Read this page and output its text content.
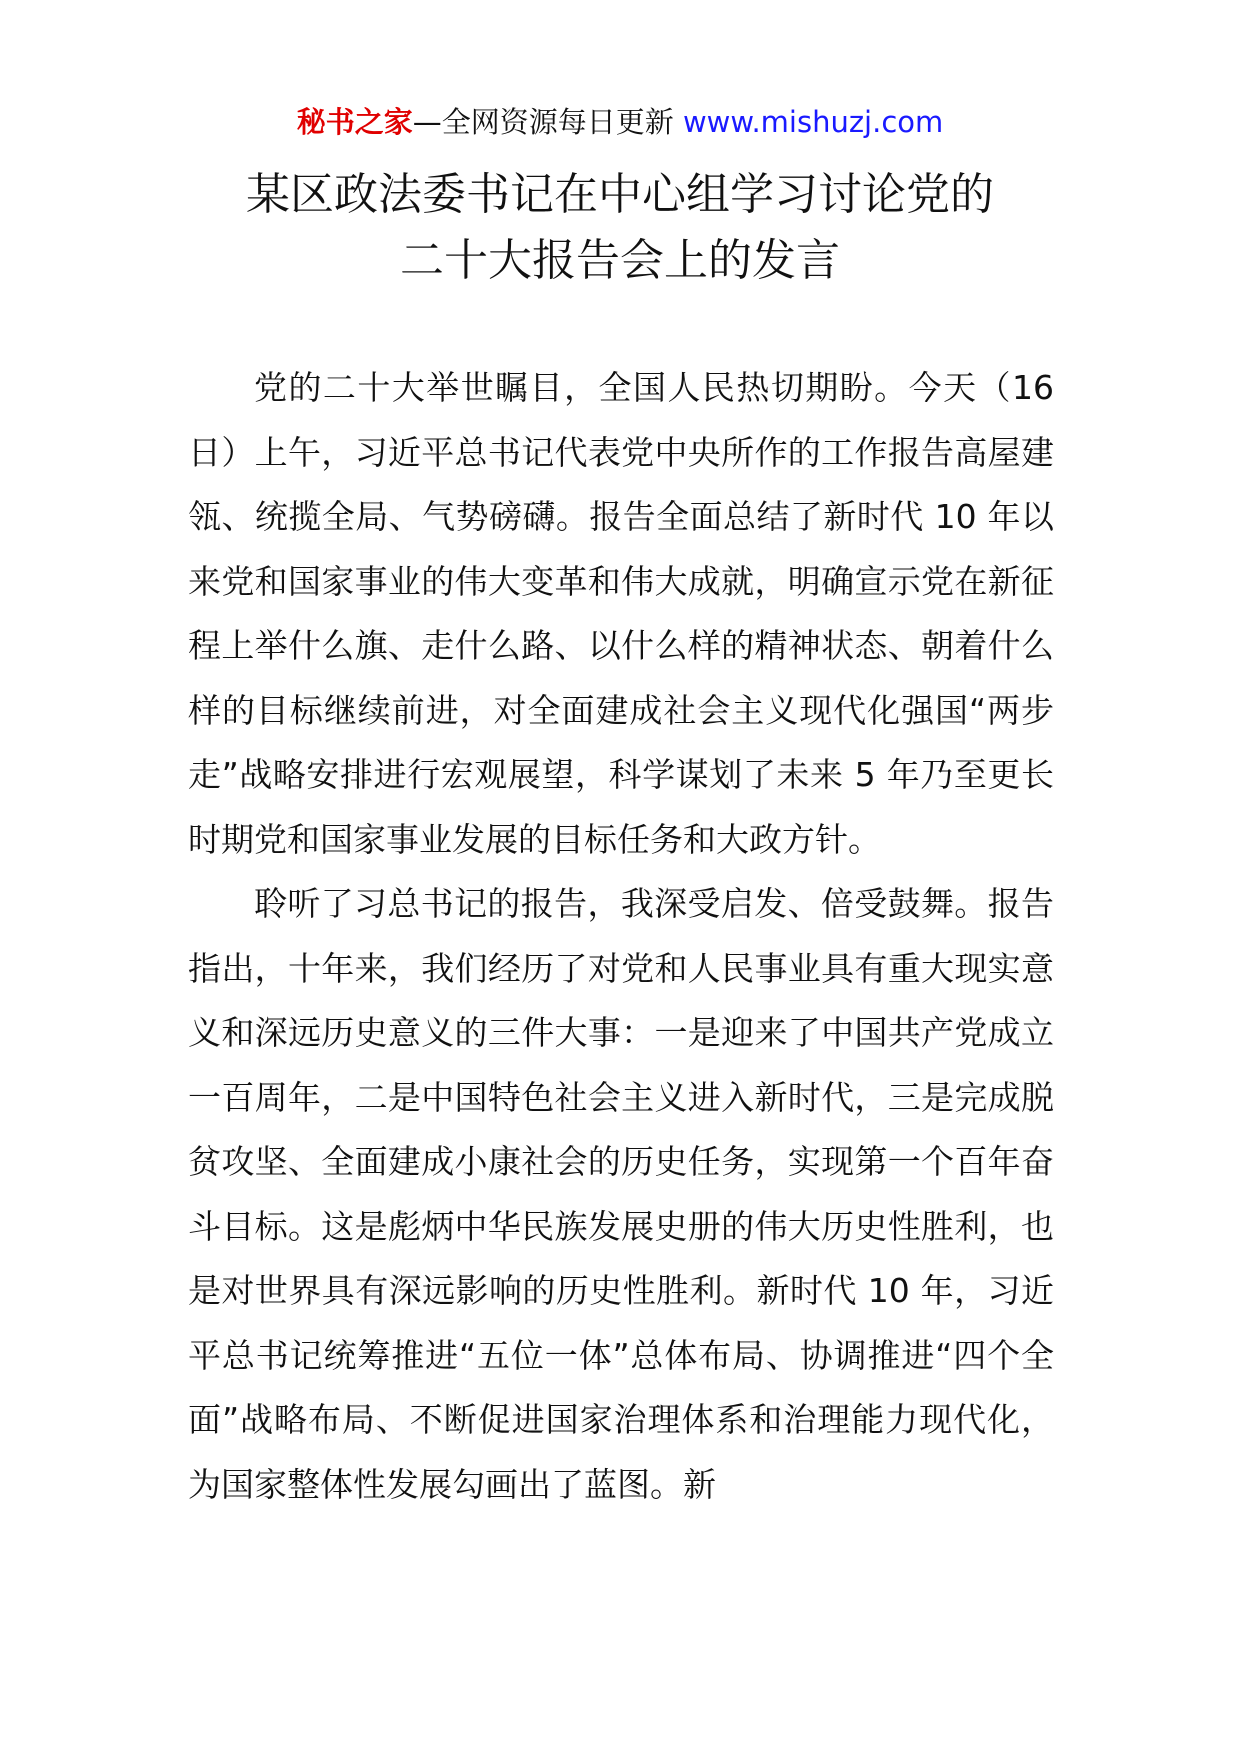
秘书之家—全网资源每日更新 www.mishuzj.com
某区政法委书记在中心组学习讨论党的
二十大报告会上的发言

党的二十大举世瞩目，全国人民热切期盼。今天（16日）上午，习近平总书记代表党中央所作的工作报告高屋建瓴、统揽全局、气势磅礴。报告全面总结了新时代 10 年以来党和国家事业的伟大变革和伟大成就，明确宣示党在新征程上举什么旗、走什么路、以什么样的精神状态、朝着什么样的目标继续前进，对全面建成社会主义现代化强国“两步走”战略安排进行宏观展望，科学谋划了未来 5 年乃至更长时期党和国家事业发展的目标任务和大政方针。

聆听了习总书记的报告，我深受启发、倍受鼓舞。报告指出，十年来，我们经历了对党和人民事业具有重大现实意义和深远历史意义的三件大事：一是迎来了中国共产党成立一百周年，二是中国特色社会主义进入新时代，三是完成脱贫攻坚、全面建成小康社会的历史任务，实现第一个百年奋斗目标。这是彪炳中华民族发展史册的伟大历史性胜利，也是对世界具有深远影响的历史性胜利。新时代 10 年，习近平总书记统筹推进“五位一体”总体布局、协调推进“四个全面”战略布局、不断促进国家治理体系和治理能力现代化，为国家整体性发展勾画出了蓝图。新
